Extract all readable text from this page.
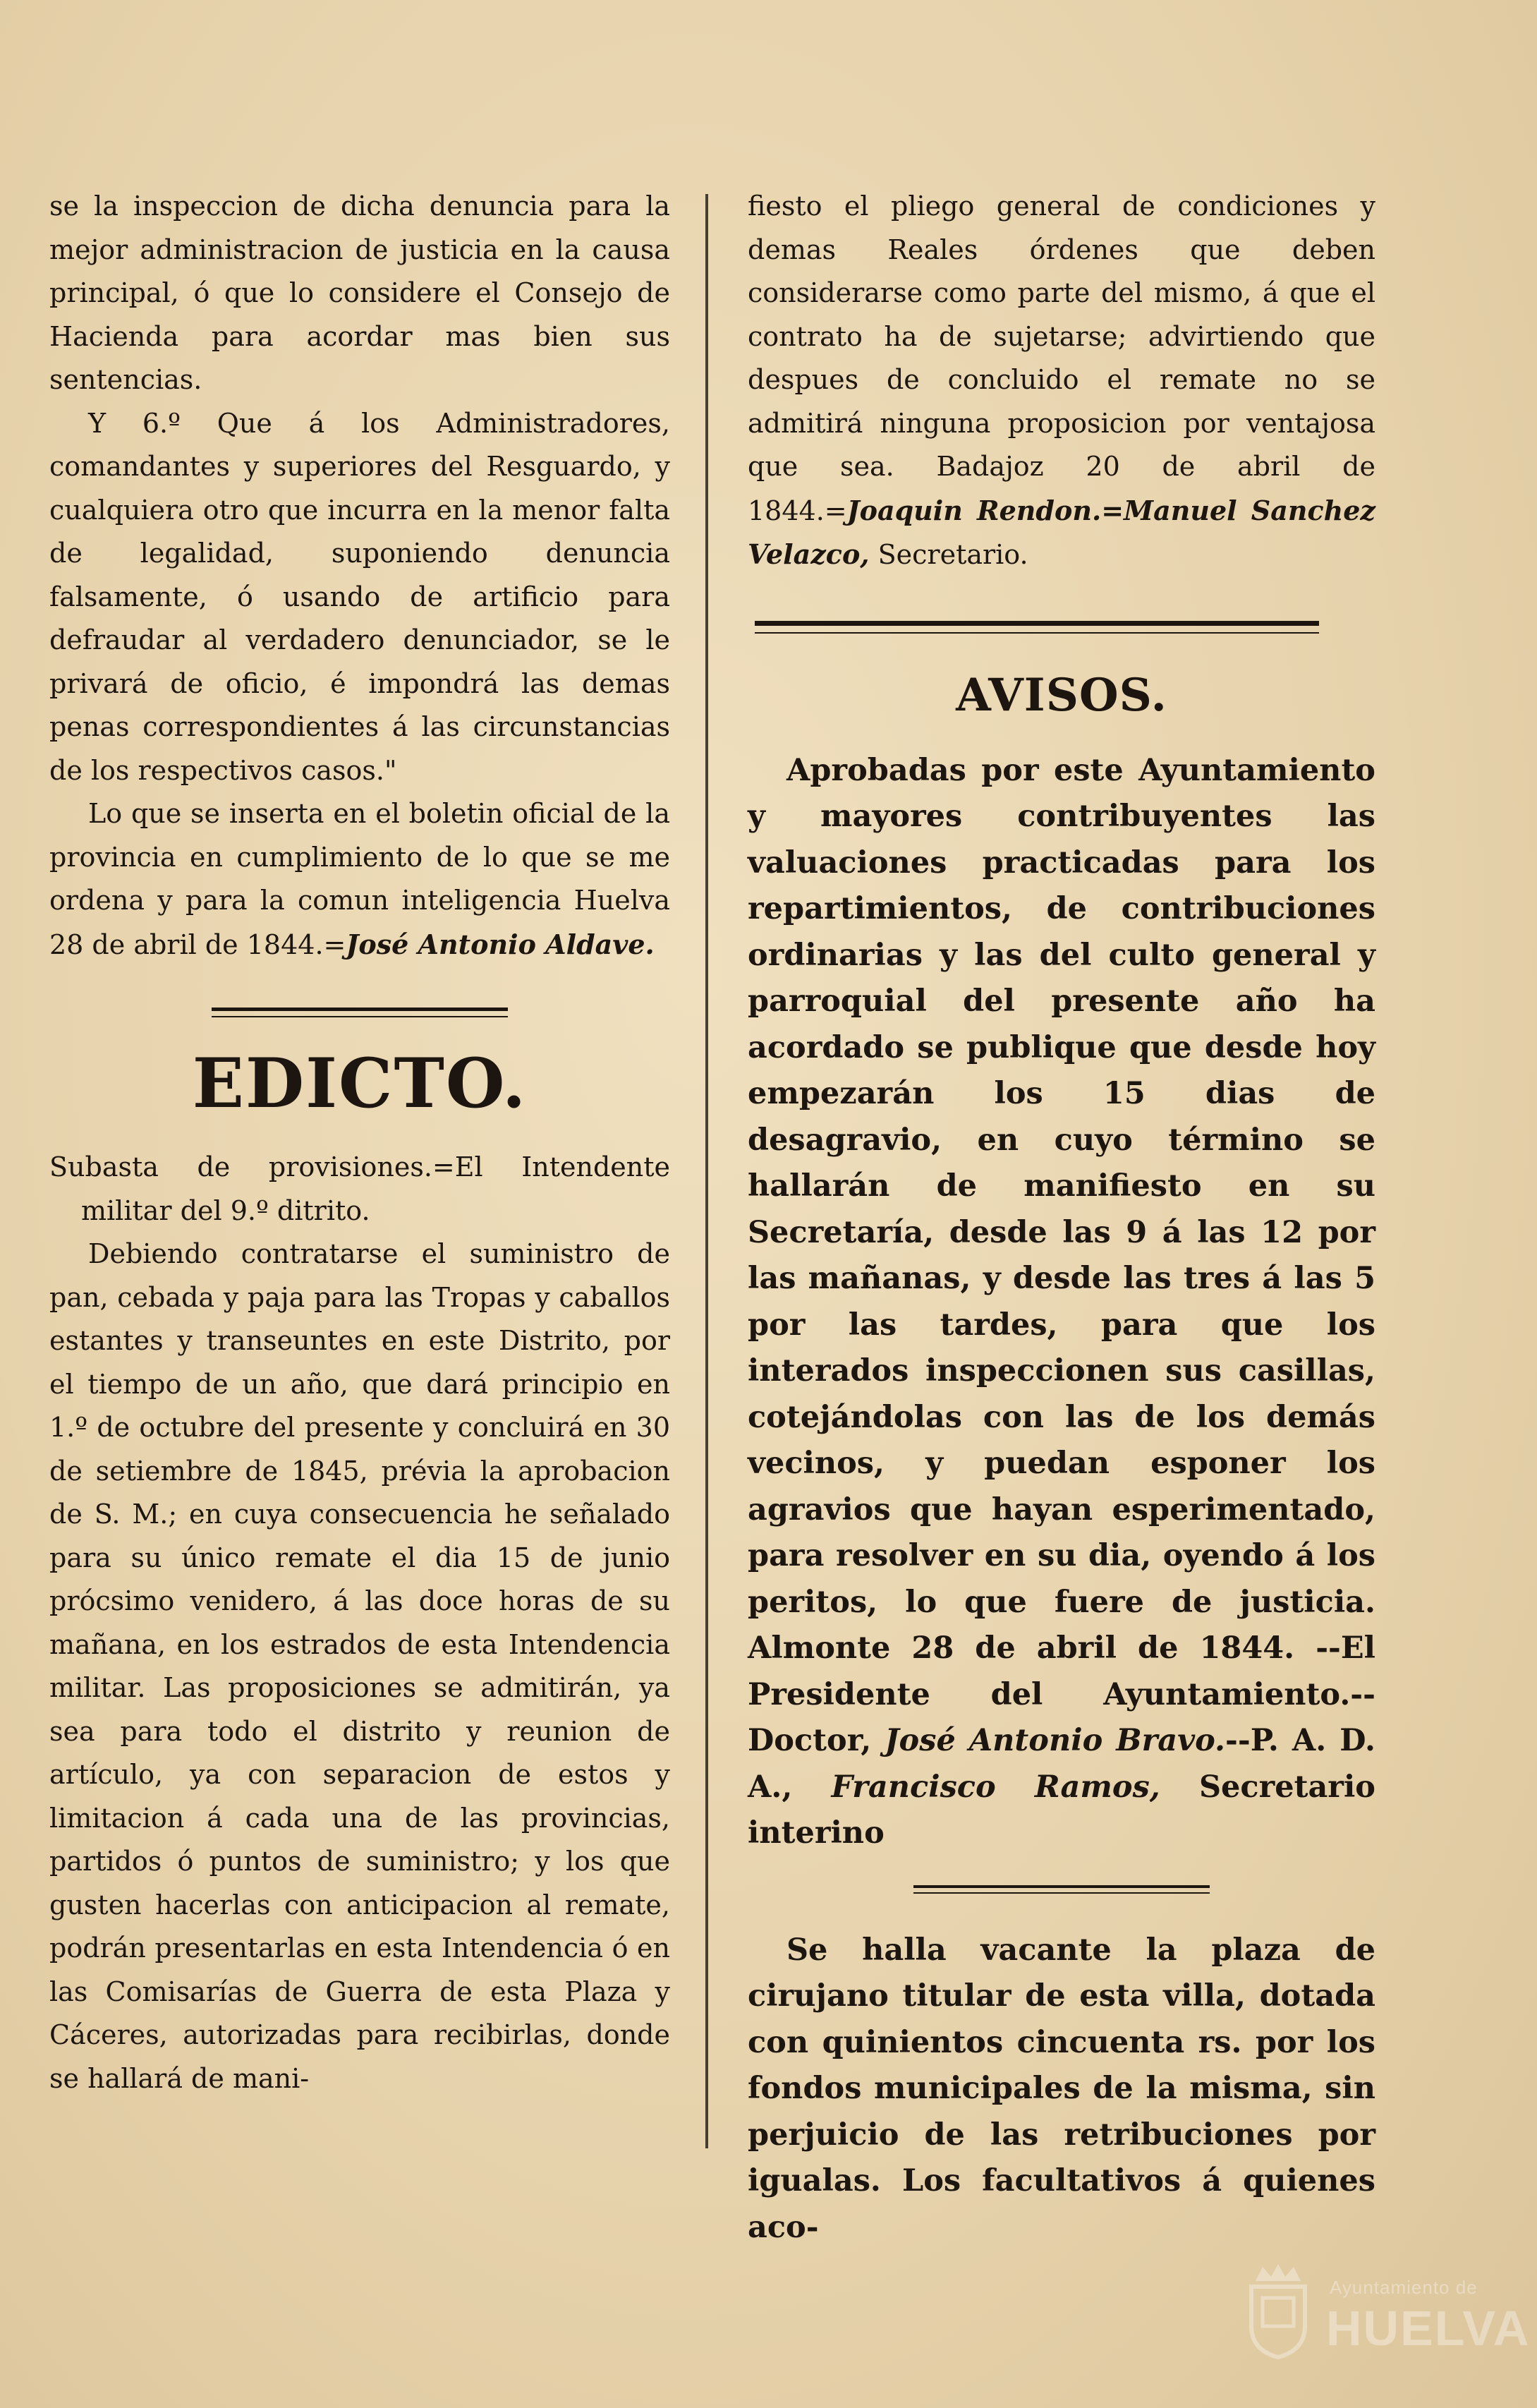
se la inspeccion de dicha denuncia para la mejor administracion de justicia en la causa principal, ó que lo considere el Consejo de Hacienda para acordar mas bien sus sentencias.

Y 6.º Que á los Administradores, comandantes y superiores del Resguardo, y cualquiera otro que incurra en la menor falta de legalidad, suponiendo denuncia falsamente, ó usando de artificio para defraudar al verdadero denunciador, se le privará de oficio, é impondrá las demas penas correspondientes á las circunstancias de los respectivos casos."

Lo que se inserta en el boletin oficial de la provincia en cumplimiento de lo que se me ordena y para la comun inteligencia Huelva 28 de abril de 1844.=José Antonio Aldave.

EDICTO.

Subasta de provisiones.=El Intendente militar del 9.º ditrito.

Debiendo contratarse el suministro de pan, cebada y paja para las Tropas y caballos estantes y transeuntes en este Distrito, por el tiempo de un año, que dará principio en 1.º de octubre del presente y concluirá en 30 de setiembre de 1845, prévia la aprobacion de S. M.; en cuya consecuencia he señalado para su único remate el dia 15 de junio prócsimo venidero, á las doce horas de su mañana, en los estrados de esta Intendencia militar. Las proposiciones se admitirán, ya sea para todo el distrito y reunion de artículo, ya con separacion de estos y limitacion á cada una de las provincias, partidos ó puntos de suministro; y los que gusten hacerlas con anticipacion al remate, podrán presentarlas en esta Intendencia ó en las Comisarías de Guerra de esta Plaza y Cáceres, autorizadas para recibirlas, donde se hallará de mani-

fiesto el pliego general de condiciones y demas Reales órdenes que deben considerarse como parte del mismo, á que el contrato ha de sujetarse; advirtiendo que despues de concluido el remate no se admitirá ninguna proposicion por ventajosa que sea. Badajoz 20 de abril de 1844.=Joaquin Rendon.=Manuel Sanchez Velazco, Secretario.

AVISOS.

Aprobadas por este Ayuntamiento y mayores contribuyentes las valuaciones practicadas para los repartimientos, de contribuciones ordinarias y las del culto general y parroquial del presente año ha acordado se publique que desde hoy empezarán los 15 dias de desagravio, en cuyo término se hallarán de manifiesto en su Secretaría, desde las 9 á las 12 por las mañanas, y desde las tres á las 5 por las tardes, para que los interados inspeccionen sus casillas, cotejándolas con las de los demás vecinos, y puedan esponer los agravios que hayan esperimentado, para resolver en su dia, oyendo á los peritos, lo que fuere de justicia. Almonte 28 de abril de 1844. --El Presidente del Ayuntamiento.--Doctor, José Antonio Bravo.--P. A. D. A., Francisco Ramos, Secretario interino

Se halla vacante la plaza de cirujano titular de esta villa, dotada con quinientos cincuenta rs. por los fondos municipales de la misma, sin perjuicio de las retribuciones por igualas. Los facultativos á quienes aco-

Ayuntamiento de
HUELVA
